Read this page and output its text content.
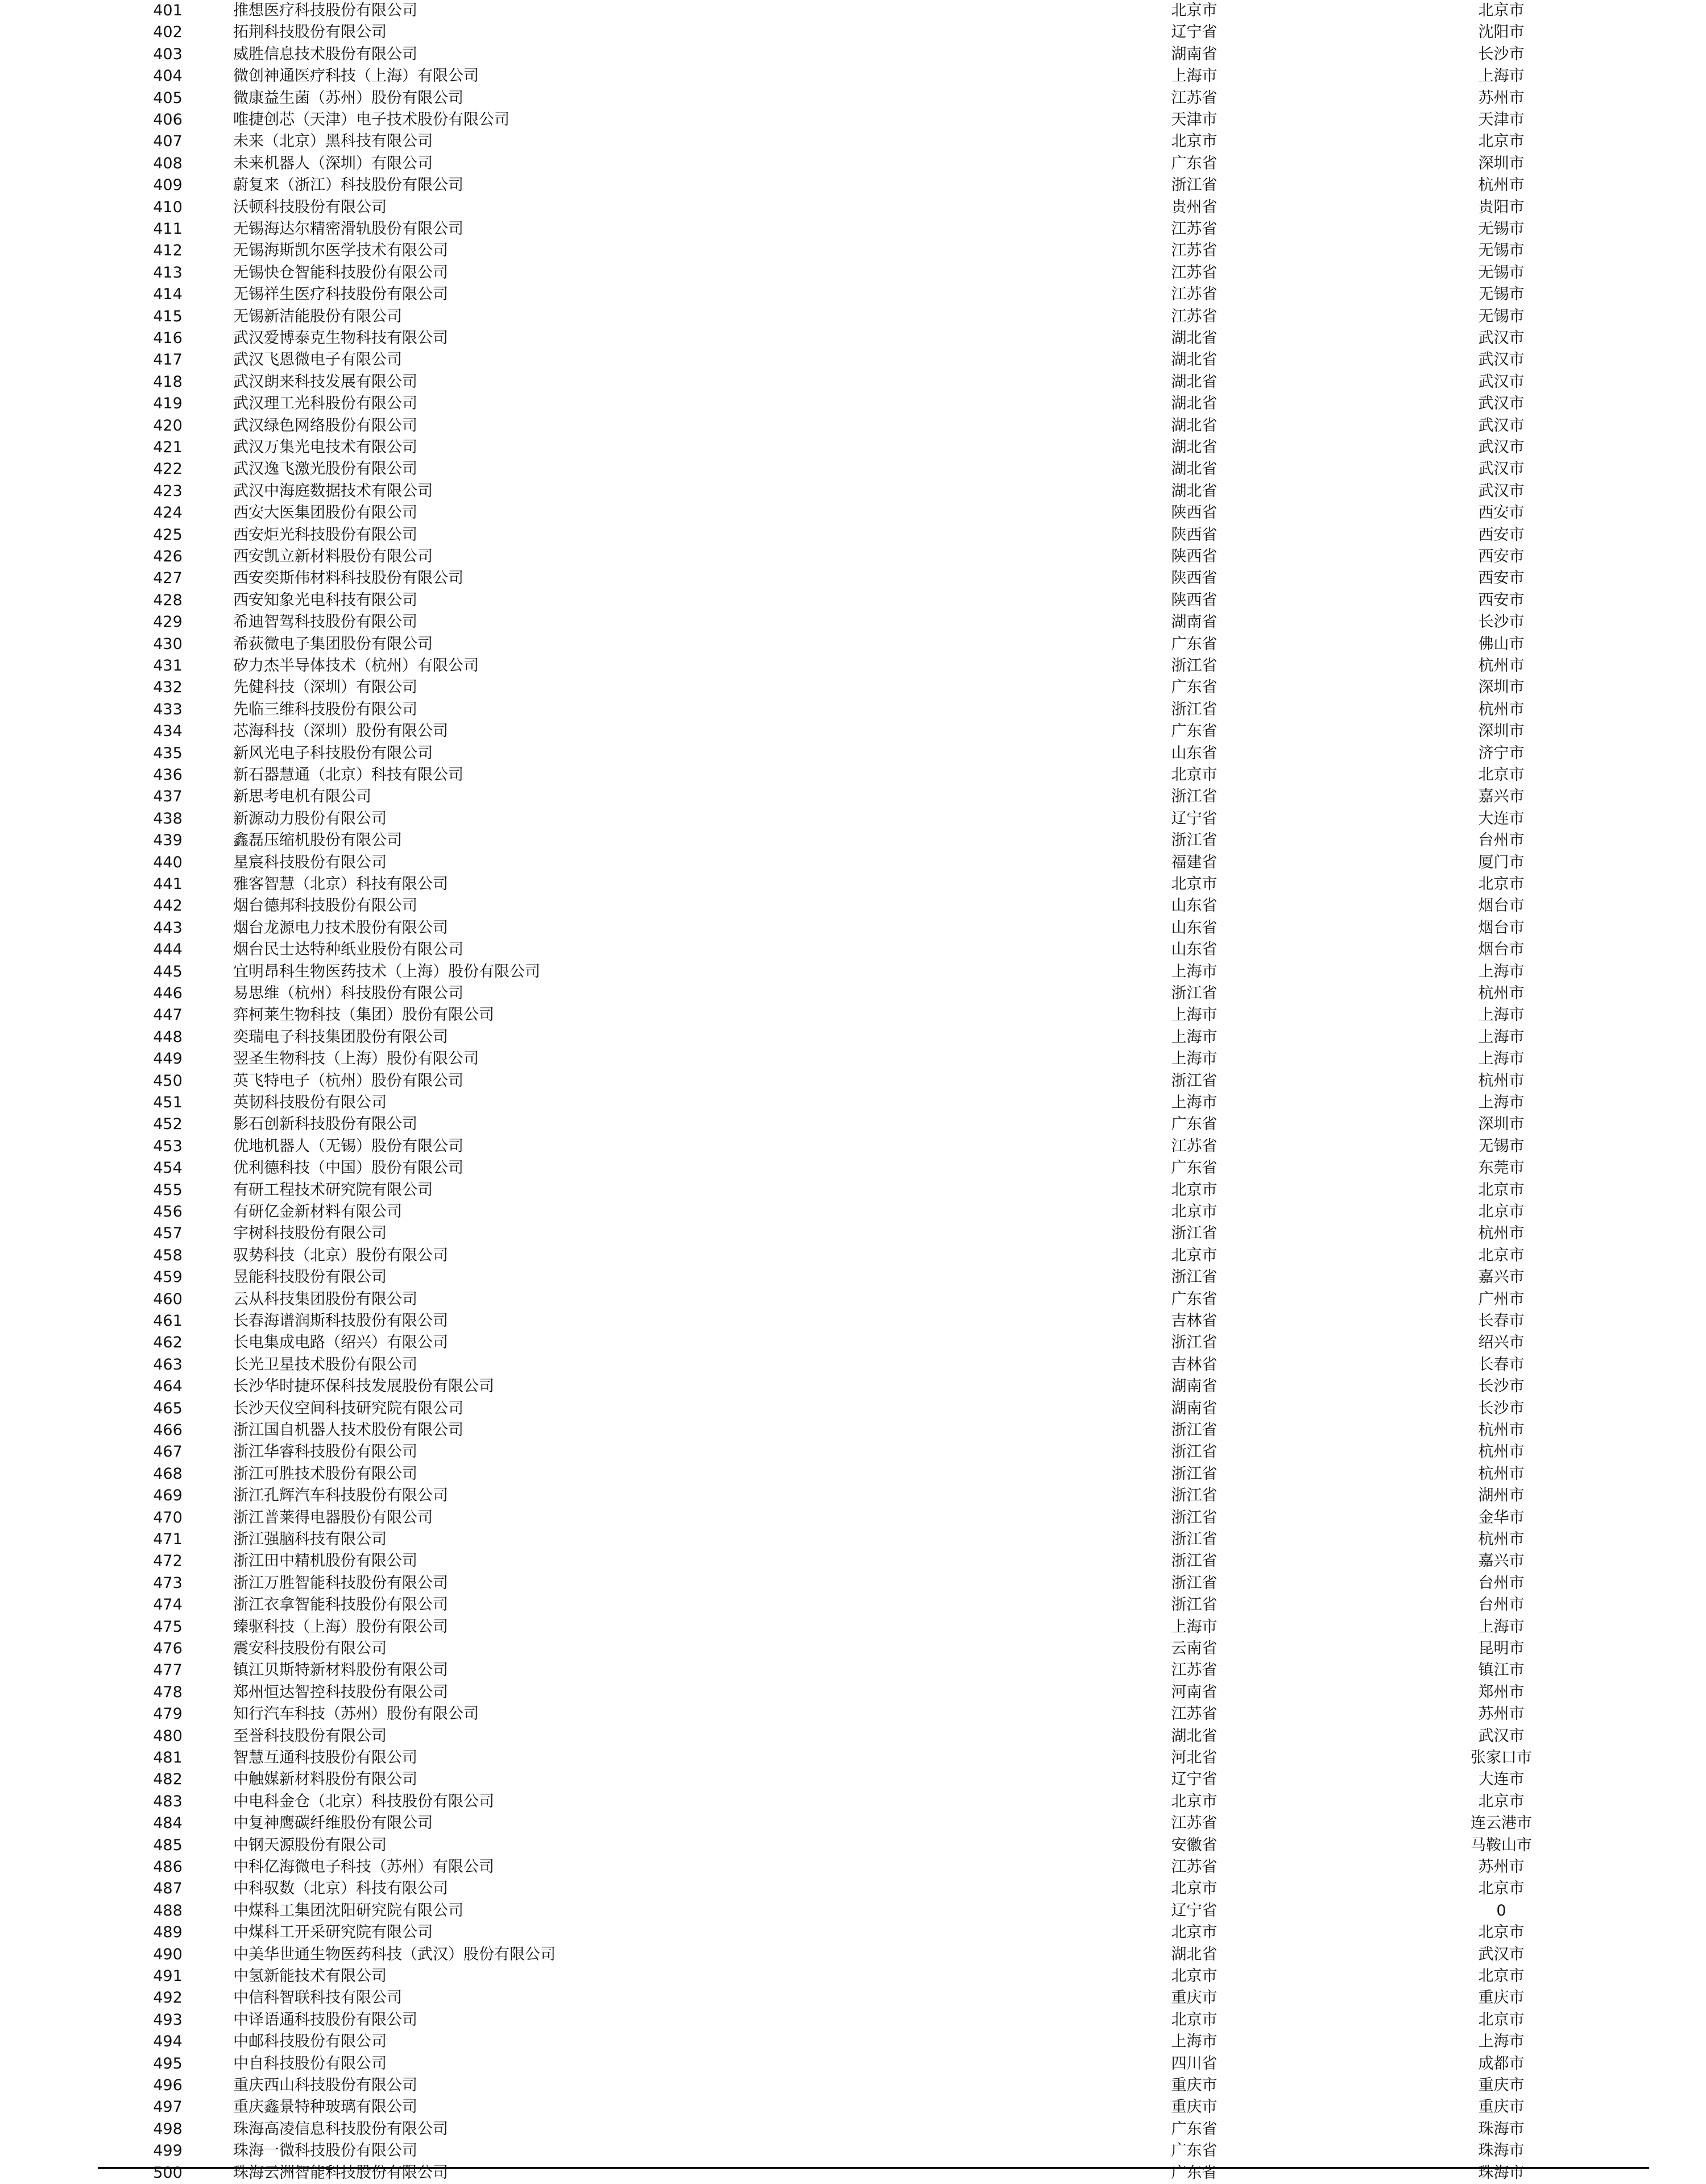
401	推想医疗科技股份有限公司	北京市	北京市
402	拓荆科技股份有限公司	辽宁省	沈阳市
403	威胜信息技术股份有限公司	湖南省	长沙市
404	微创神通医疗科技（上海）有限公司	上海市	上海市
405	微康益生菌（苏州）股份有限公司	江苏省	苏州市
406	唯捷创芯（天津）电子技术股份有限公司	天津市	天津市
407	未来（北京）黑科技有限公司	北京市	北京市
408	未来机器人（深圳）有限公司	广东省	深圳市
409	蔚复来（浙江）科技股份有限公司	浙江省	杭州市
410	沃顿科技股份有限公司	贵州省	贵阳市
411	无锡海达尔精密滑轨股份有限公司	江苏省	无锡市
412	无锡海斯凯尔医学技术有限公司	江苏省	无锡市
413	无锡快仓智能科技股份有限公司	江苏省	无锡市
414	无锡祥生医疗科技股份有限公司	江苏省	无锡市
415	无锡新洁能股份有限公司	江苏省	无锡市
416	武汉爱博泰克生物科技有限公司	湖北省	武汉市
417	武汉飞恩微电子有限公司	湖北省	武汉市
418	武汉朗来科技发展有限公司	湖北省	武汉市
419	武汉理工光科股份有限公司	湖北省	武汉市
420	武汉绿色网络股份有限公司	湖北省	武汉市
421	武汉万集光电技术有限公司	湖北省	武汉市
422	武汉逸飞激光股份有限公司	湖北省	武汉市
423	武汉中海庭数据技术有限公司	湖北省	武汉市
424	西安大医集团股份有限公司	陕西省	西安市
425	西安炬光科技股份有限公司	陕西省	西安市
426	西安凯立新材料股份有限公司	陕西省	西安市
427	西安奕斯伟材料科技股份有限公司	陕西省	西安市
428	西安知象光电科技有限公司	陕西省	西安市
429	希迪智驾科技股份有限公司	湖南省	长沙市
430	希荻微电子集团股份有限公司	广东省	佛山市
431	矽力杰半导体技术（杭州）有限公司	浙江省	杭州市
432	先健科技（深圳）有限公司	广东省	深圳市
433	先临三维科技股份有限公司	浙江省	杭州市
434	芯海科技（深圳）股份有限公司	广东省	深圳市
435	新风光电子科技股份有限公司	山东省	济宁市
436	新石器慧通（北京）科技有限公司	北京市	北京市
437	新思考电机有限公司	浙江省	嘉兴市
438	新源动力股份有限公司	辽宁省	大连市
439	鑫磊压缩机股份有限公司	浙江省	台州市
440	星宸科技股份有限公司	福建省	厦门市
441	雅客智慧（北京）科技有限公司	北京市	北京市
442	烟台德邦科技股份有限公司	山东省	烟台市
443	烟台龙源电力技术股份有限公司	山东省	烟台市
444	烟台民士达特种纸业股份有限公司	山东省	烟台市
445	宜明昂科生物医药技术（上海）股份有限公司	上海市	上海市
446	易思维（杭州）科技股份有限公司	浙江省	杭州市
447	弈柯莱生物科技（集团）股份有限公司	上海市	上海市
448	奕瑞电子科技集团股份有限公司	上海市	上海市
449	翌圣生物科技（上海）股份有限公司	上海市	上海市
450	英飞特电子（杭州）股份有限公司	浙江省	杭州市
451	英韧科技股份有限公司	上海市	上海市
452	影石创新科技股份有限公司	广东省	深圳市
453	优地机器人（无锡）股份有限公司	江苏省	无锡市
454	优利德科技（中国）股份有限公司	广东省	东莞市
455	有研工程技术研究院有限公司	北京市	北京市
456	有研亿金新材料有限公司	北京市	北京市
457	宇树科技股份有限公司	浙江省	杭州市
458	驭势科技（北京）股份有限公司	北京市	北京市
459	昱能科技股份有限公司	浙江省	嘉兴市
460	云从科技集团股份有限公司	广东省	广州市
461	长春海谱润斯科技股份有限公司	吉林省	长春市
462	长电集成电路（绍兴）有限公司	浙江省	绍兴市
463	长光卫星技术股份有限公司	吉林省	长春市
464	长沙华时捷环保科技发展股份有限公司	湖南省	长沙市
465	长沙天仪空间科技研究院有限公司	湖南省	长沙市
466	浙江国自机器人技术股份有限公司	浙江省	杭州市
467	浙江华睿科技股份有限公司	浙江省	杭州市
468	浙江可胜技术股份有限公司	浙江省	杭州市
469	浙江孔辉汽车科技股份有限公司	浙江省	湖州市
470	浙江普莱得电器股份有限公司	浙江省	金华市
471	浙江强脑科技有限公司	浙江省	杭州市
472	浙江田中精机股份有限公司	浙江省	嘉兴市
473	浙江万胜智能科技股份有限公司	浙江省	台州市
474	浙江衣拿智能科技股份有限公司	浙江省	台州市
475	臻驱科技（上海）股份有限公司	上海市	上海市
476	震安科技股份有限公司	云南省	昆明市
477	镇江贝斯特新材料股份有限公司	江苏省	镇江市
478	郑州恒达智控科技股份有限公司	河南省	郑州市
479	知行汽车科技（苏州）股份有限公司	江苏省	苏州市
480	至誉科技股份有限公司	湖北省	武汉市
481	智慧互通科技股份有限公司	河北省	张家口市
482	中触媒新材料股份有限公司	辽宁省	大连市
483	中电科金仓（北京）科技股份有限公司	北京市	北京市
484	中复神鹰碳纤维股份有限公司	江苏省	连云港市
485	中钢天源股份有限公司	安徽省	马鞍山市
486	中科亿海微电子科技（苏州）有限公司	江苏省	苏州市
487	中科驭数（北京）科技有限公司	北京市	北京市
488	中煤科工集团沈阳研究院有限公司	辽宁省	0
489	中煤科工开采研究院有限公司	北京市	北京市
490	中美华世通生物医药科技（武汉）股份有限公司	湖北省	武汉市
491	中氢新能技术有限公司	北京市	北京市
492	中信科智联科技有限公司	重庆市	重庆市
493	中译语通科技股份有限公司	北京市	北京市
494	中邮科技股份有限公司	上海市	上海市
495	中自科技股份有限公司	四川省	成都市
496	重庆西山科技股份有限公司	重庆市	重庆市
497	重庆鑫景特种玻璃有限公司	重庆市	重庆市
498	珠海高凌信息科技股份有限公司	广东省	珠海市
499	珠海一微科技股份有限公司	广东省	珠海市
500	珠海云洲智能科技股份有限公司	广东省	珠海市
